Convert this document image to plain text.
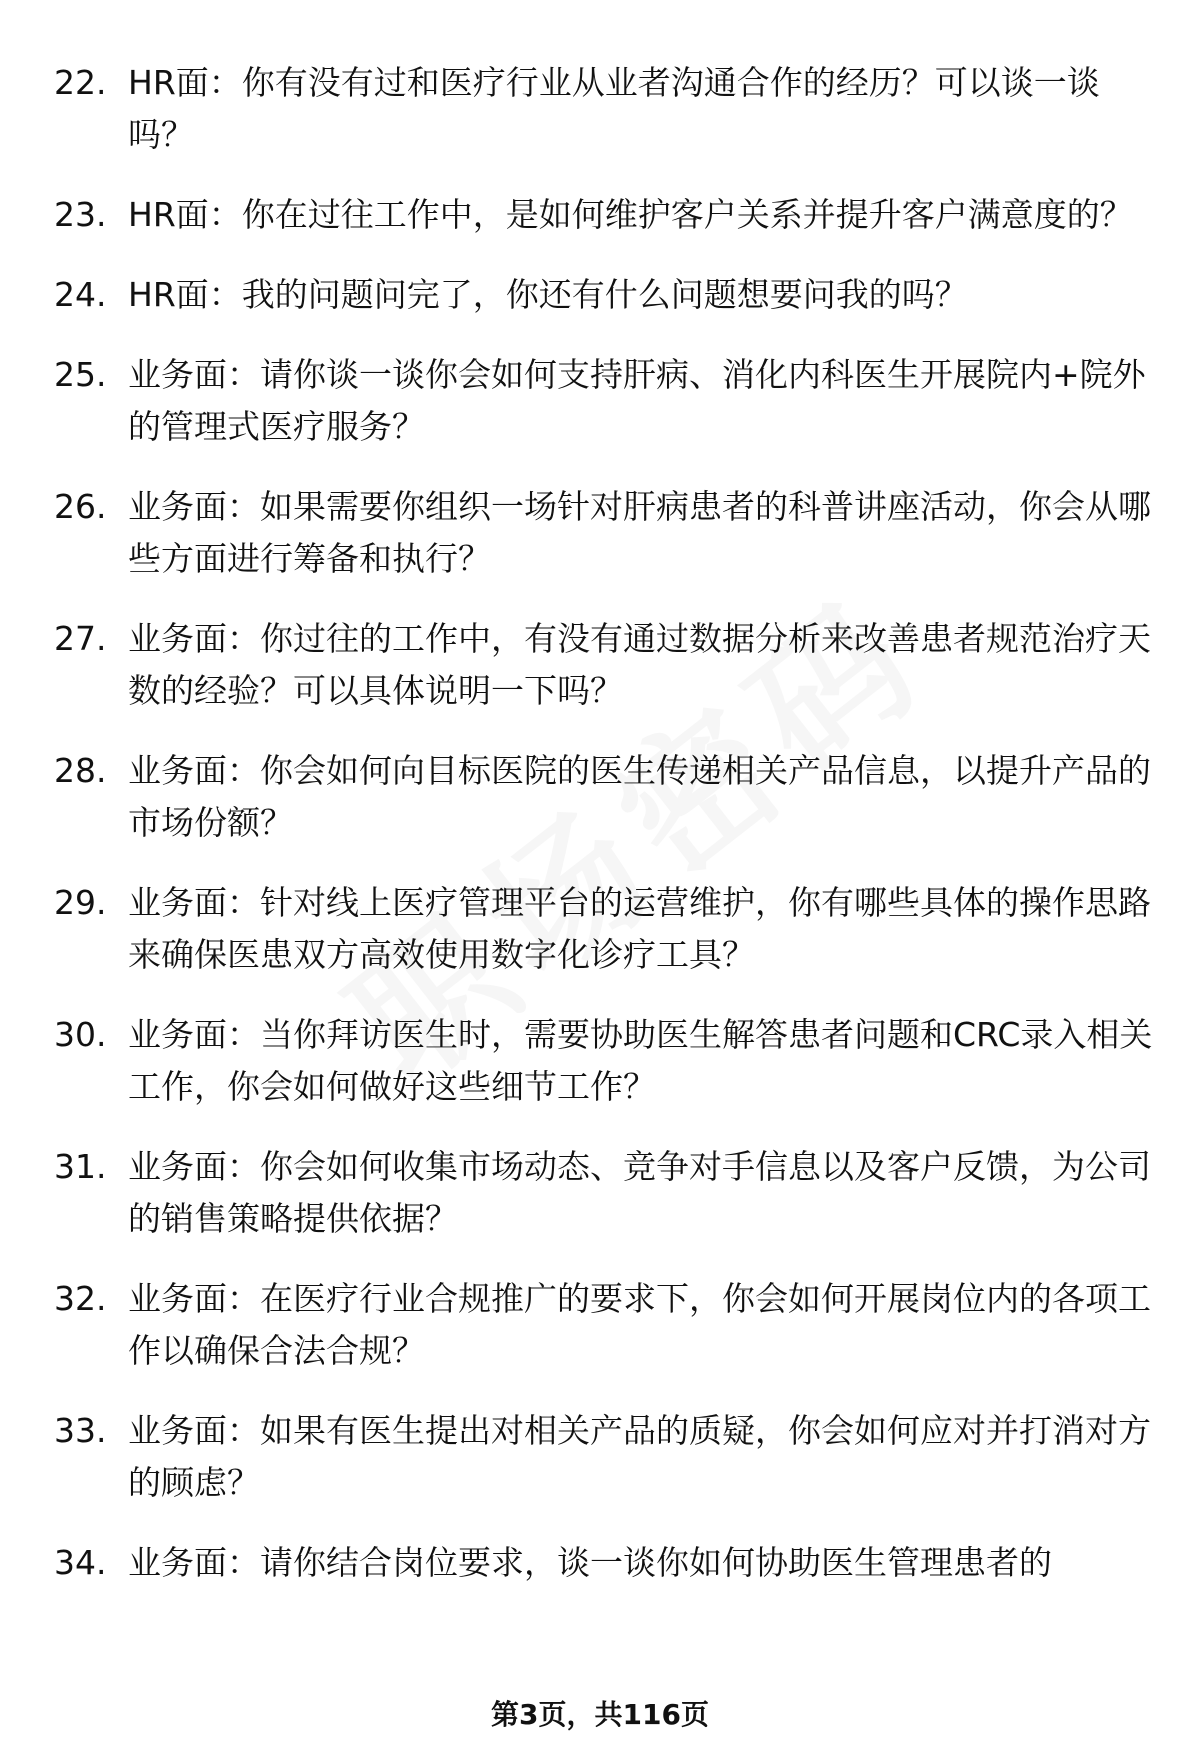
22. HR面：你有没有过和医疗行业从业者沟通合作的经历？可以谈一谈吗？
23. HR面：你在过往工作中，是如何维护客户关系并提升客户满意度的？
24. HR面：我的问题问完了，你还有什么问题想要问我的吗？
25. 业务面：请你谈一谈你会如何支持肝病、消化内科医生开展院内+院外的管理式医疗服务？
26. 业务面：如果需要你组织一场针对肝病患者的科普讲座活动，你会从哪些方面进行筹备和执行？
27. 业务面：你过往的工作中，有没有通过数据分析来改善患者规范治疗天数的经验？可以具体说明一下吗？
28. 业务面：你会如何向目标医院的医生传递相关产品信息，以提升产品的市场份额？
29. 业务面：针对线上医疗管理平台的运营维护，你有哪些具体的操作思路来确保医患双方高效使用数字化诊疗工具？
30. 业务面：当你拜访医生时，需要协助医生解答患者问题和CRC录入相关工作，你会如何做好这些细节工作？
31. 业务面：你会如何收集市场动态、竞争对手信息以及客户反馈，为公司的销售策略提供依据？
32. 业务面：在医疗行业合规推广的要求下，你会如何开展岗位内的各项工作以确保合法合规？
33. 业务面：如果有医生提出对相关产品的质疑，你会如何应对并打消对方的顾虑？
34. 业务面：请你结合岗位要求，谈一谈你如何协助医生管理患者的
第3页，共116页
